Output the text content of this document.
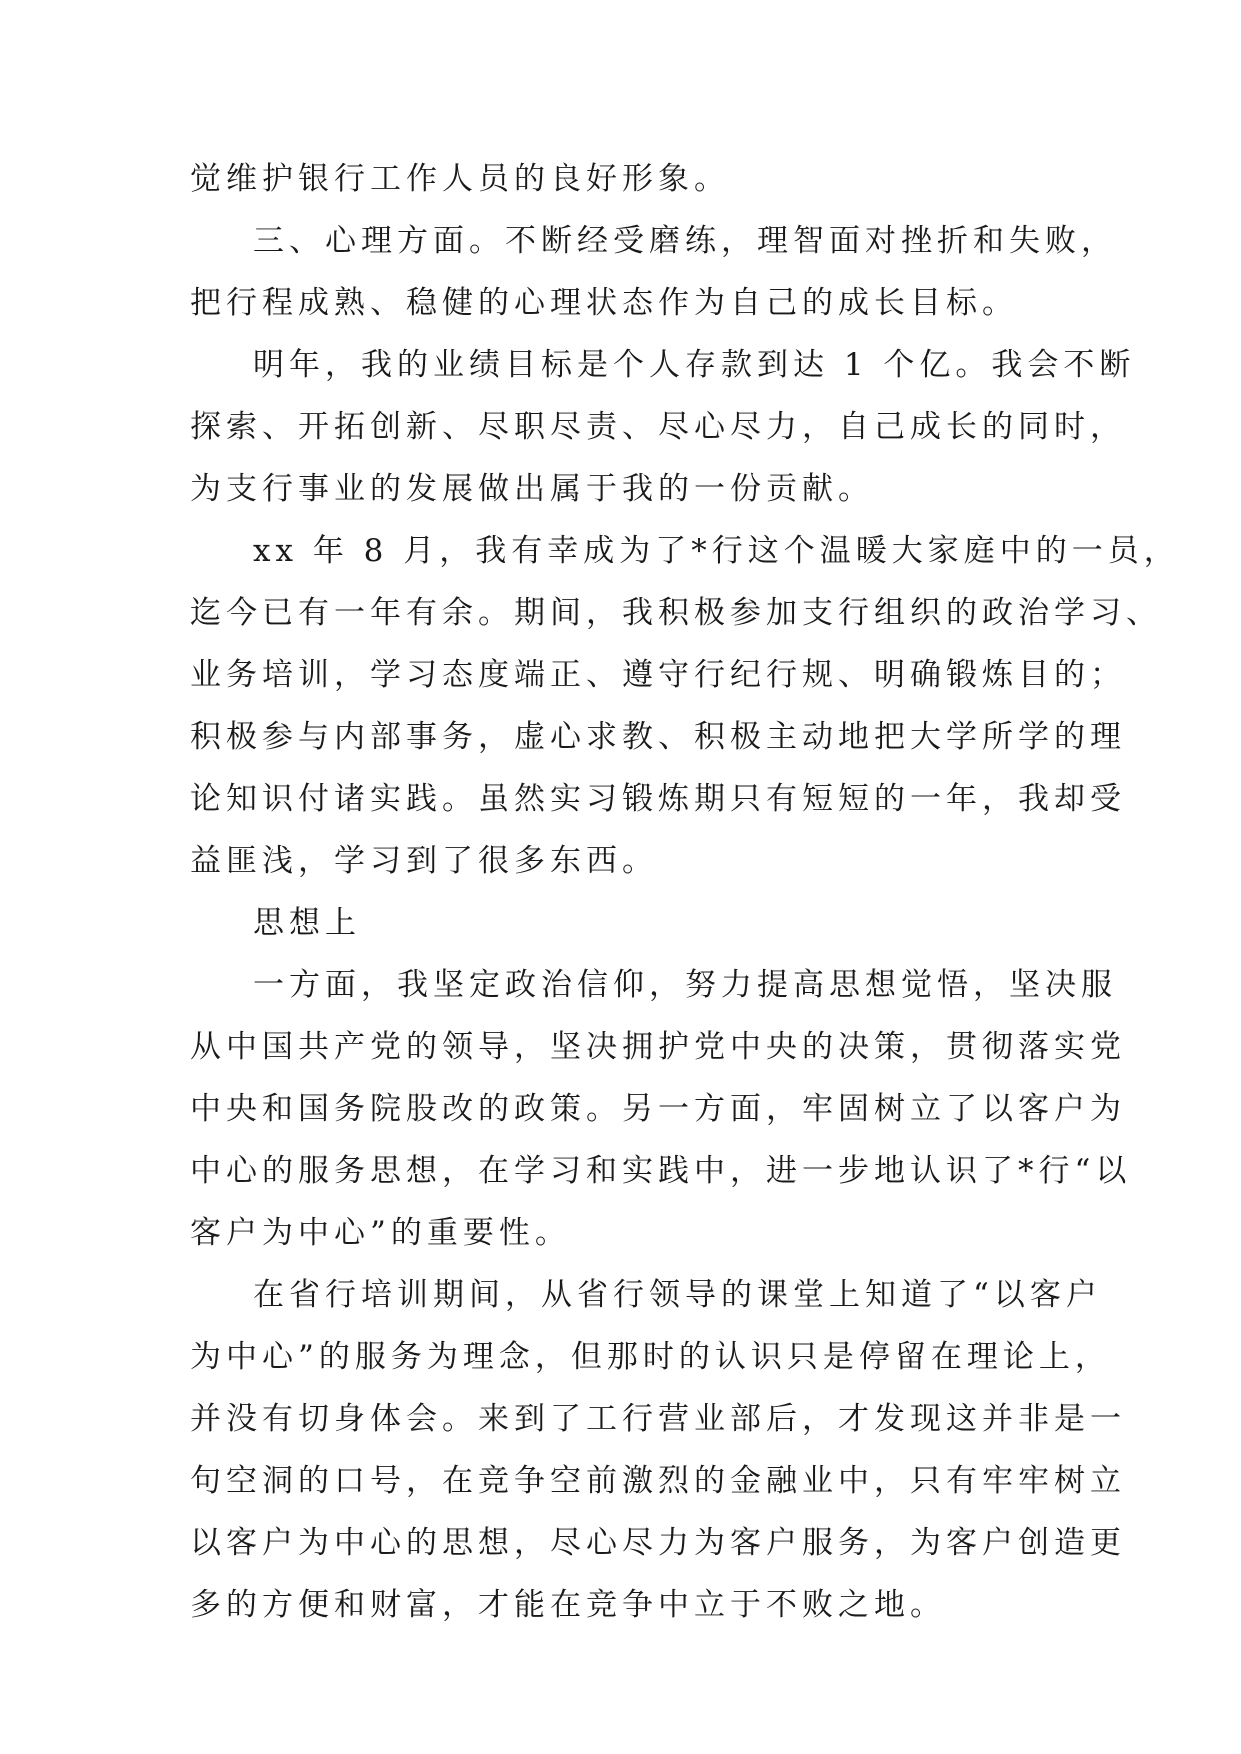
觉维护银行工作人员的良好形象。
三、心理方面。不断经受磨练，理智面对挫折和失败，
把行程成熟、稳健的心理状态作为自己的成长目标。
明年，我的业绩目标是个人存款到达 1 个亿。我会不断
探索、开拓创新、尽职尽责、尽心尽力，自己成长的同时，
为支行事业的发展做出属于我的一份贡献。
xx 年 8 月，我有幸成为了*行这个温暖大家庭中的一员，
迄今已有一年有余。期间，我积极参加支行组织的政治学习、
业务培训，学习态度端正、遵守行纪行规、明确锻炼目的；
积极参与内部事务，虚心求教、积极主动地把大学所学的理
论知识付诸实践。虽然实习锻炼期只有短短的一年，我却受
益匪浅，学习到了很多东西。
思想上
一方面，我坚定政治信仰，努力提高思想觉悟，坚决服
从中国共产党的领导，坚决拥护党中央的决策，贯彻落实党
中央和国务院股改的政策。另一方面，牢固树立了以客户为
中心的服务思想，在学习和实践中，进一步地认识了*行“以
客户为中心”的重要性。
在省行培训期间，从省行领导的课堂上知道了“以客户
为中心”的服务为理念，但那时的认识只是停留在理论上，
并没有切身体会。来到了工行营业部后，才发现这并非是一
句空洞的口号，在竞争空前激烈的金融业中，只有牢牢树立
以客户为中心的思想，尽心尽力为客户服务，为客户创造更
多的方便和财富，才能在竞争中立于不败之地。
